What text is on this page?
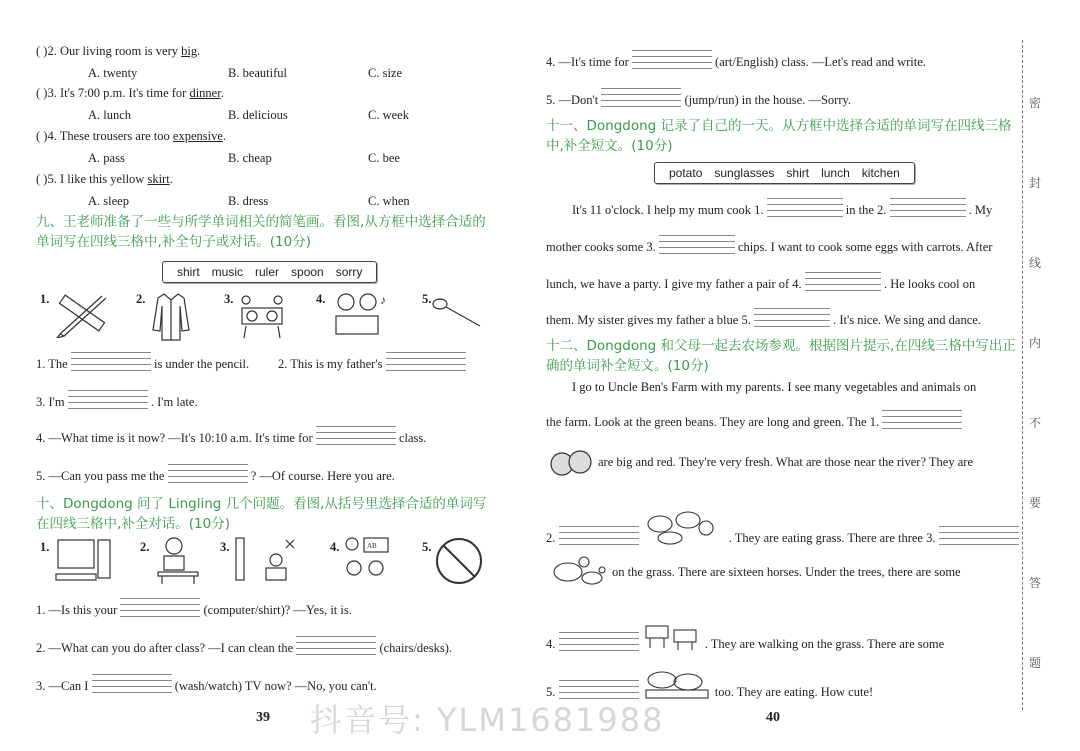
( )2. Our living room is very big.
A. twenty	B. beautiful	C. size
( )3. It's 7:00 p.m. It's time for dinner.
A. lunch	B. delicious	C. week
( )4. These trousers are too expensive.
A. pass	B. cheap	C. bee
( )5. I like this yellow skirt.
A. sleep	B. dress	C. when
九、王老师准备了一些与所学单词相关的简笔画。看图,从方框中选择合适的单词写在四线三格中,补全句子或对话。(10分)
shirt music ruler spoon sorry
1.	2.	3.	4.	♪	5.
1. The	is under the pencil. 2. This is my father's
3. I'm	. I'm late.
4. —What time is it now? —It's 10:10 a.m. It's time for	class.
5. —Can you pass me the	? —Of course. Here you are.
十、Dongdong 问了 Lingling 几个问题。看图,从括号里选择合适的单词写在四线三格中,补全对话。(10分)
1.	2.	3.	4.	AB	5.
1. —Is this your	(computer/shirt)? —Yes, it is.
2. —What can you do after class? —I can clean the	(chairs/desks).
3. —Can I	(wash/watch) TV now? —No, you can't.
39
4. —It's time for	(art/English) class. —Let's read and write.
5. —Don't	(jump/run) in the house. —Sorry.
十一、Dongdong 记录了自己的一天。从方框中选择合适的单词写在四线三格中,补全短文。(10分)
potato sunglasses shirt lunch kitchen
It's 11 o'clock. I help my mum cook 1.	in the 2.	. My
mother cooks some 3.	chips. I want to cook some eggs with carrots. After
lunch, we have a party. I give my father a pair of 4.	. He looks cool on
them. My sister gives my father a blue 5.	. It's nice. We sing and dance.
十二、Dongdong 和父母一起去农场参观。根据图片提示,在四线三格中写出正确的单词补全短文。(10分)
I go to Uncle Ben's Farm with my parents. I see many vegetables and animals on
the farm. Look at the green beans. They are long and green. The 1.
are big and red. They're very fresh. What are those near the river? They are
2.	. They are eating grass. There are three 3.
on the grass. There are sixteen horses. Under the trees, there are some
4.	. They are walking on the grass. There are some
5.	too. They are eating. How cute!
40
密
封
线
内
不
要
答
题
抖音号: YLM1681988
